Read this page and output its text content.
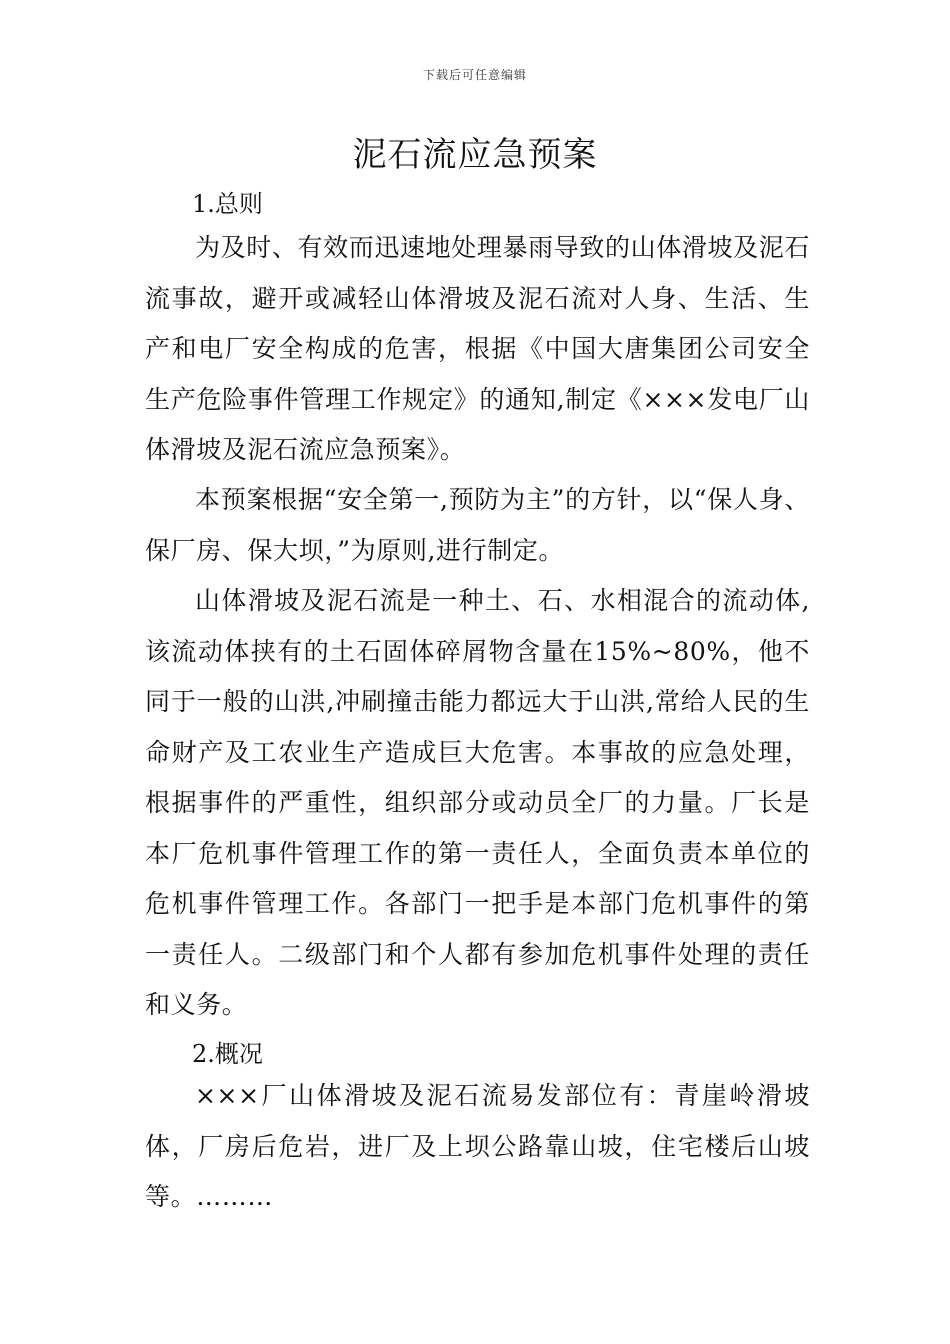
下载后可任意编辑
泥石流应急预案
1.总则

为及时、有效而迅速地处理暴雨导致的山体滑坡及泥石流事故，避开或减轻山体滑坡及泥石流对人身、生活、生产和电厂安全构成的危害，根据《中国大唐集团公司安全生产危险事件管理工作规定》的通知,制定《×××发电厂山体滑坡及泥石流应急预案》。

本预案根据“安全第一,预防为主”的方针，以“保人身、保厂房、保大坝，”为原则,进行制定。

山体滑坡及泥石流是一种土、石、水相混合的流动体,该流动体挟有的土石固体碎屑物含量在15%~80%，他不同于一般的山洪,冲刷撞击能力都远大于山洪,常给人民的生命财产及工农业生产造成巨大危害。本事故的应急处理，根据事件的严重性，组织部分或动员全厂的力量。厂长是本厂危机事件管理工作的第一责任人，全面负责本单位的危机事件管理工作。各部门一把手是本部门危机事件的第一责任人。二级部门和个人都有参加危机事件处理的责任和义务。

2.概况

×××厂山体滑坡及泥石流易发部位有：青崖岭滑坡体，厂房后危岩，进厂及上坝公路靠山坡，住宅楼后山坡等。………
